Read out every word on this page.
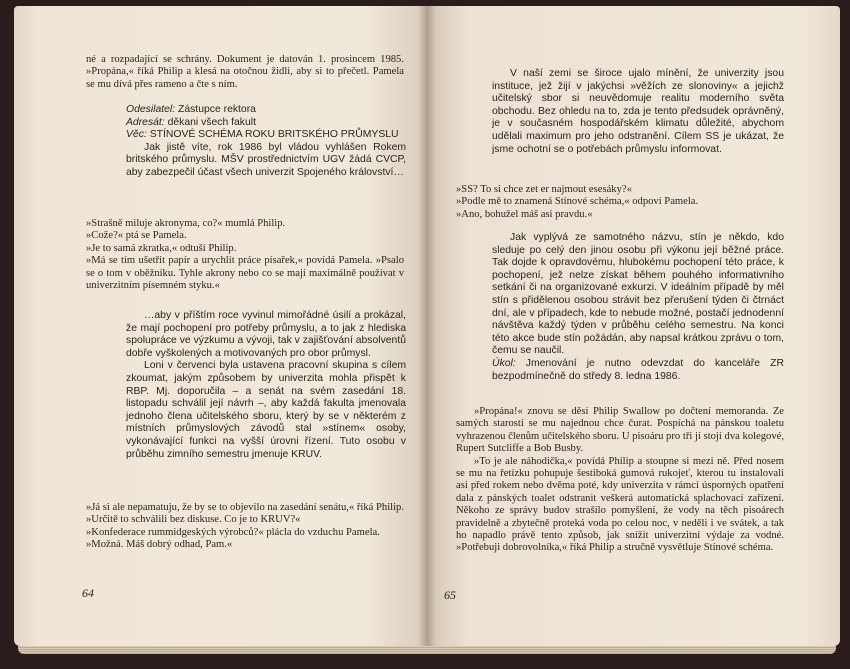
né a rozpadající se schrány. Dokument je datován 1. prosincem 1985. »Propána,« říká Philip a klesá na otočnou židli, aby si to přečetl. Pamela se mu dívá přes rameno a čte s ním.

Odesilatel: Zástupce rektora

Adresát: děkani všech fakult

Věc: STÍNOVÉ SCHÉMA ROKU BRITSKÉHO PRŮMYSLU

Jak jistě víte, rok 1986 byl vládou vyhlášen Rokem britského průmyslu. MŠV prostřednictvím UGV žádá CVCP, aby zabezpečil účast všech univerzit Spojeného království…

»Strašně miluje akronyma, co?« mumlá Philip.

»Cože?« ptá se Pamela.

»Je to samá zkratka,« odtuší Philip.

»Má se tím ušetřit papír a urychlit práce písařek,« povídá Pamela. »Psalo se o tom v oběžníku. Tyhle akrony nebo co se mají maximálně používat v univerzitním písemném styku.«

…aby v příštím roce vyvinul mimořádné úsilí a prokázal, že mají pochopení pro potřeby průmyslu, a to jak z hlediska spolupráce ve výzkumu a vývoji, tak v zajišťování absolventů dobře vyškolených a motivovaných pro obor průmysl.

Loni v červenci byla ustavena pracovní skupina s cílem zkoumat, jakým způsobem by univerzita mohla přispět k RBP. Mj. doporučila – a senát na svém zasedání 18. listopadu schválil její návrh –, aby každá fakulta jmenovala jednoho člena učitelského sboru, který by se v některém z místních průmyslových závodů stal »stínem« osoby, vykonávající funkci na vyšší úrovni řízení. Tuto osobu v průběhu zimního semestru jmenuje KRUV.

»Já si ale nepamatuju, že by se to objevilo na zasedání senátu,« říká Philip. »Určitě to schválili bez diskuse. Co je to KRUV?«

»Konfederace rummidgeských výrobců?« plácla do vzduchu Pamela.

»Možná. Máš dobrý odhad, Pam.«

64

V naší zemi se široce ujalo mínění, že univerzity jsou instituce, jež žijí v jakýchsi »věžích ze slonoviny« a jejichž učitelský sbor si neuvědomuje realitu moderního světa obchodu. Bez ohledu na to, zda je tento předsudek oprávněný, je v současném hospodářském klimatu důležité, abychom udělali maximum pro jeho odstranění. Cílem SS je ukázat, že jsme ochotní se o potřebách průmyslu informovat.

»SS? To si chce zet er najmout esesáky?«

»Podle mě to znamená Stínové schéma,« odpoví Pamela.

»Ano, bohužel máš asi pravdu.«

Jak vyplývá ze samotného názvu, stín je někdo, kdo sleduje po celý den jinou osobu při výkonu její běžné práce. Tak dojde k opravdovému, hlubokému pochopení této práce, k pochopení, jež nelze získat během pouhého informativního setkání či na organizované exkurzi. V ideálním případě by měl stín s přidělenou osobou strávit bez přerušení týden či čtrnáct dní, ale v případech, kde to nebude možné, postačí jednodenní návštěva každý týden v průběhu celého semestru. Na konci této akce bude stín požádán, aby napsal krátkou zprávu o tom, čemu se naučil.

Úkol: Jmenování je nutno odevzdat do kanceláře ZR bezpodmínečně do středy 8. ledna 1986.

»Propána!« znovu se děsí Philip Swallow po dočtení memoranda. Ze samých starostí se mu najednou chce čurat. Pospíchá na pánskou toaletu vyhrazenou členům učitelského sboru. U pisoáru pro tři jí stojí dva kolegové, Rupert Sutcliffe a Bob Busby.

»To je ale náhodička,« povídá Philip a stoupne si mezi ně. Před nosem se mu na řetízku pohupuje šestiboká gumová rukojeť, kterou tu instalovali asi před rokem nebo dvěma poté, kdy univerzita v rámci úsporných opatření dala z pánských toalet odstranit veškerá automatická splachovací zařízení. Někoho ze správy budov strašilo pomyšlení, že vody na těch pisoárech pravidelně a zbytečně proteká voda po celou noc, v neděli i ve svátek, a tak ho napadlo právě tento způsob, jak snížit univerzitní výdaje za vodné. »Potřebuji dobrovolníka,« říká Philip a stručně vysvětluje Stínové schéma.

65
